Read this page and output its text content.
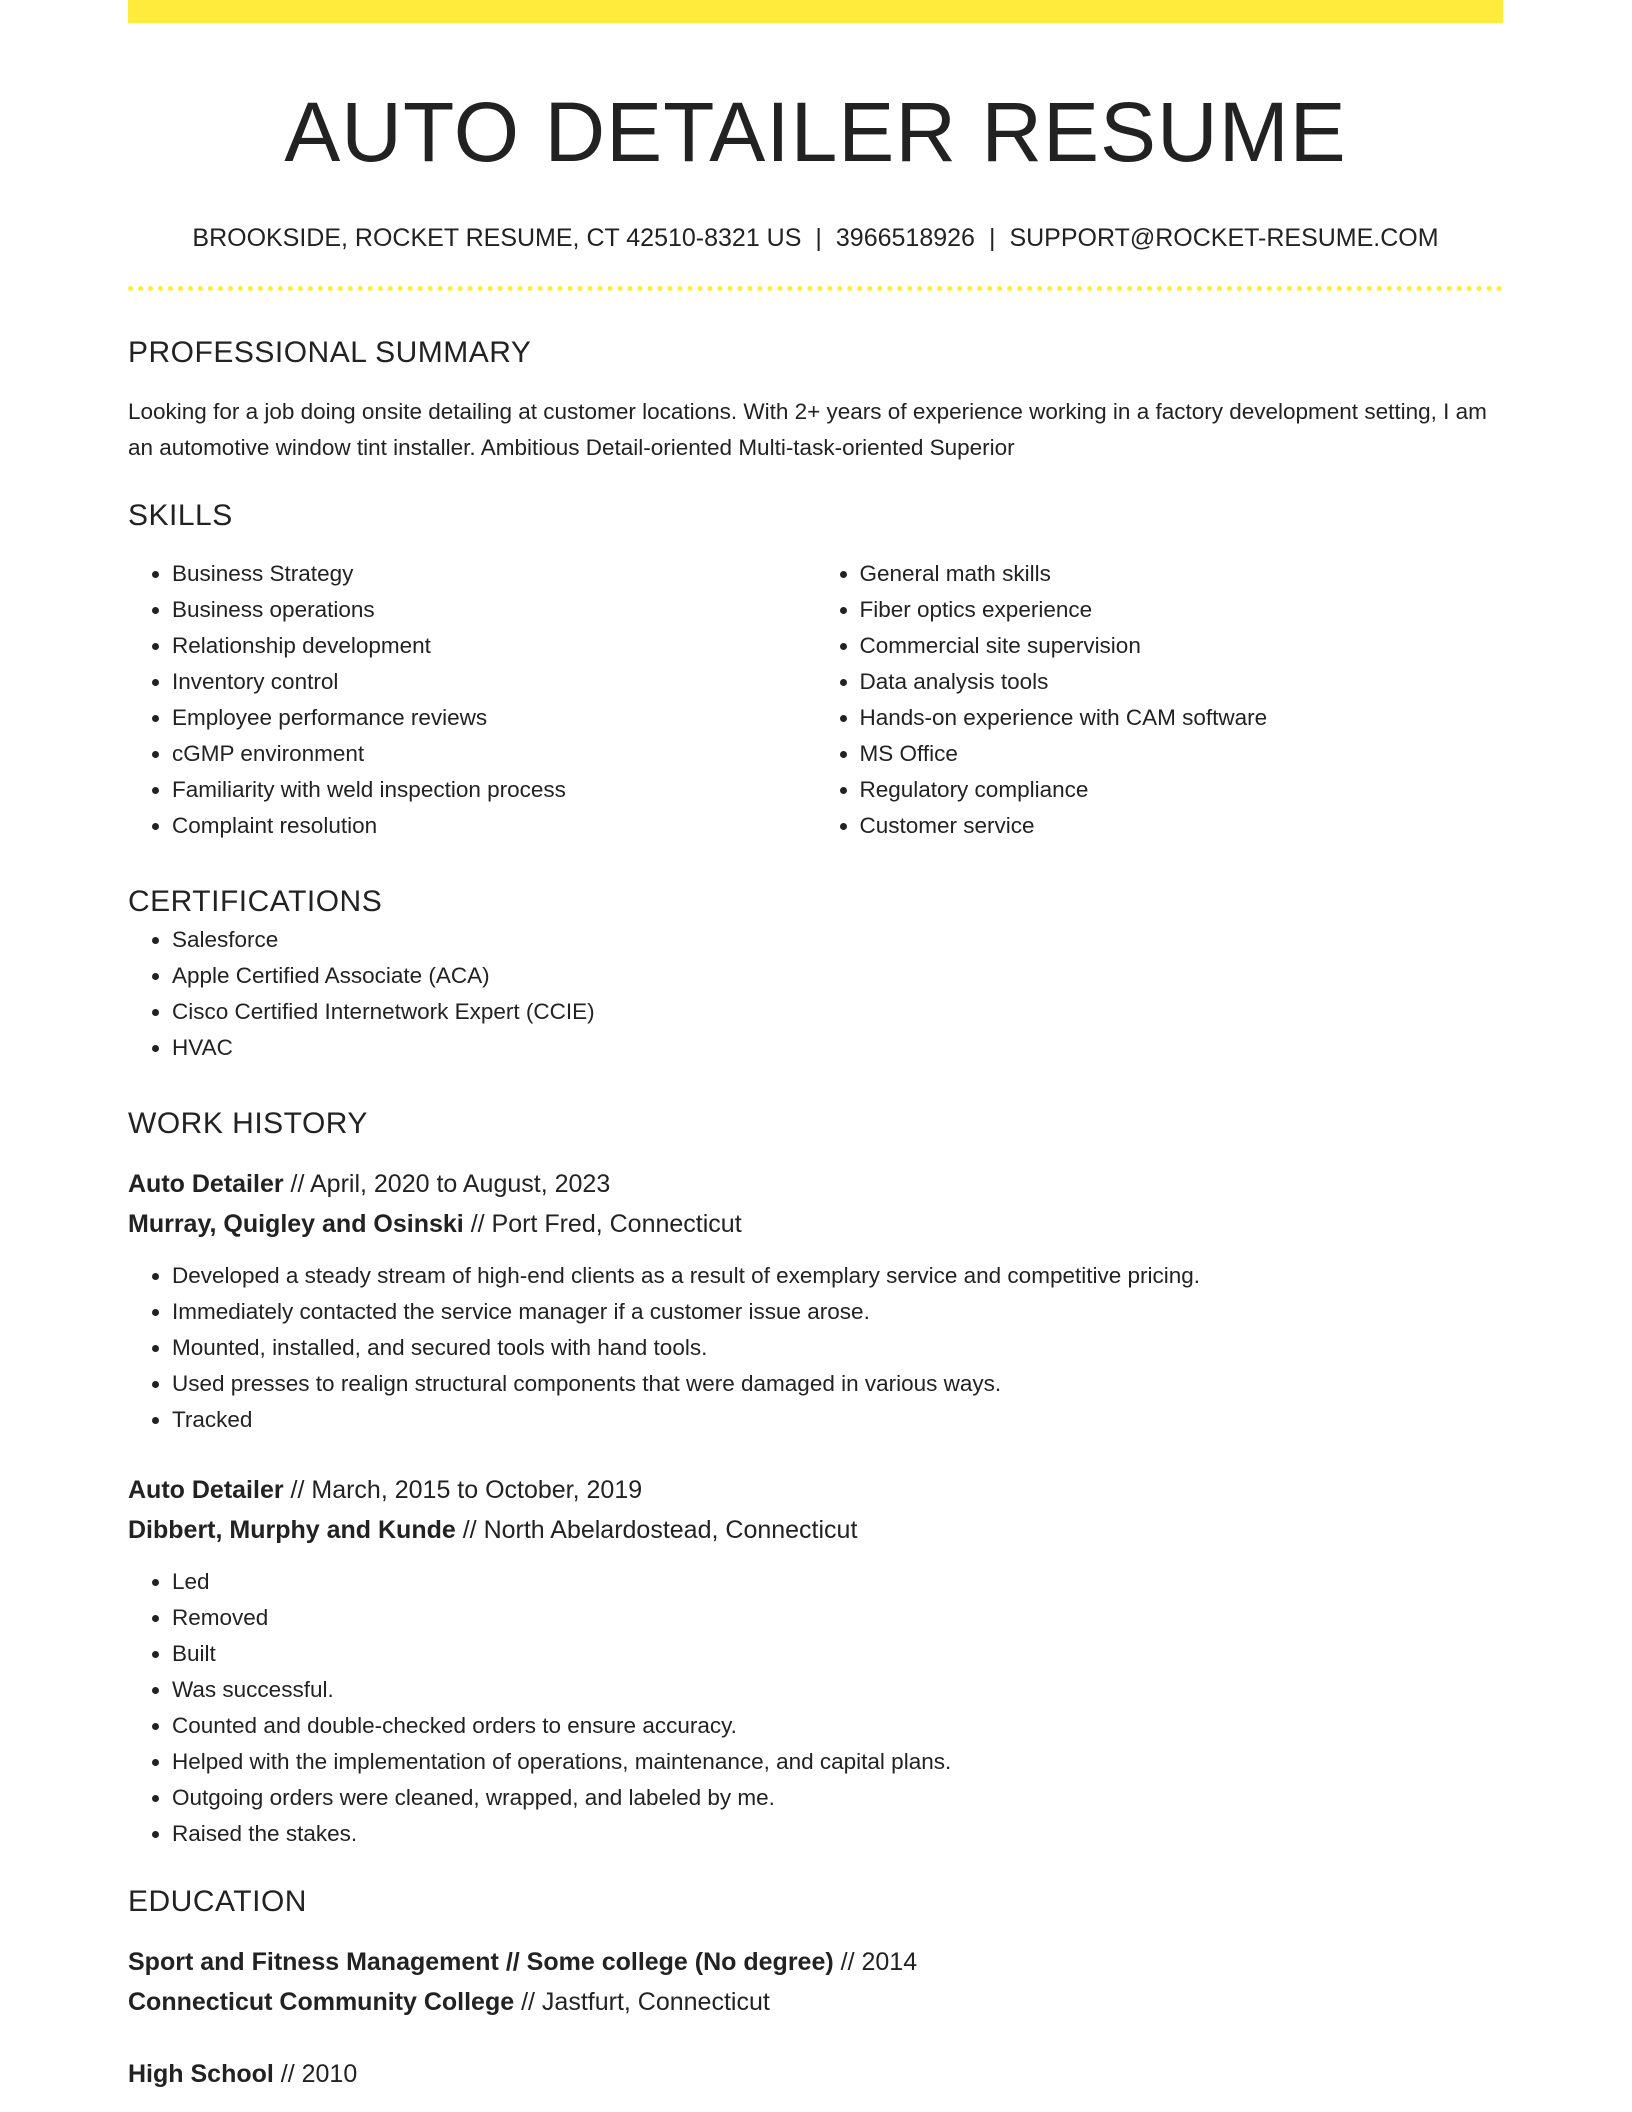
AUTO DETAILER RESUME
BROOKSIDE, ROCKET RESUME, CT 42510-8321 US | 3966518926 | SUPPORT@ROCKET-RESUME.COM
PROFESSIONAL SUMMARY

Looking for a job doing onsite detailing at customer locations. With 2+ years of experience working in a factory development setting, I am an automotive window tint installer. Ambitious Detail-oriented Multi-task-oriented Superior

SKILLS
• Business Strategy
• Business operations
• Relationship development
• Inventory control
• Employee performance reviews
• cGMP environment
• Familiarity with weld inspection process
• Complaint resolution
• General math skills
• Fiber optics experience
• Commercial site supervision
• Data analysis tools
• Hands-on experience with CAM software
• MS Office
• Regulatory compliance
• Customer service
CERTIFICATIONS
• Salesforce
• Apple Certified Associate (ACA)
• Cisco Certified Internetwork Expert (CCIE)
• HVAC
WORK HISTORY
Auto Detailer // April, 2020 to August, 2023
Murray, Quigley and Osinski // Port Fred, Connecticut
• Developed a steady stream of high-end clients as a result of exemplary service and competitive pricing.
• Immediately contacted the service manager if a customer issue arose.
• Mounted, installed, and secured tools with hand tools.
• Used presses to realign structural components that were damaged in various ways.
• Tracked
Auto Detailer // March, 2015 to October, 2019
Dibbert, Murphy and Kunde // North Abelardostead, Connecticut
• Led
• Removed
• Built
• Was successful.
• Counted and double-checked orders to ensure accuracy.
• Helped with the implementation of operations, maintenance, and capital plans.
• Outgoing orders were cleaned, wrapped, and labeled by me.
• Raised the stakes.
EDUCATION
Sport and Fitness Management // Some college (No degree) // 2014
Connecticut Community College // Jastfurt, Connecticut
High School // 2010
